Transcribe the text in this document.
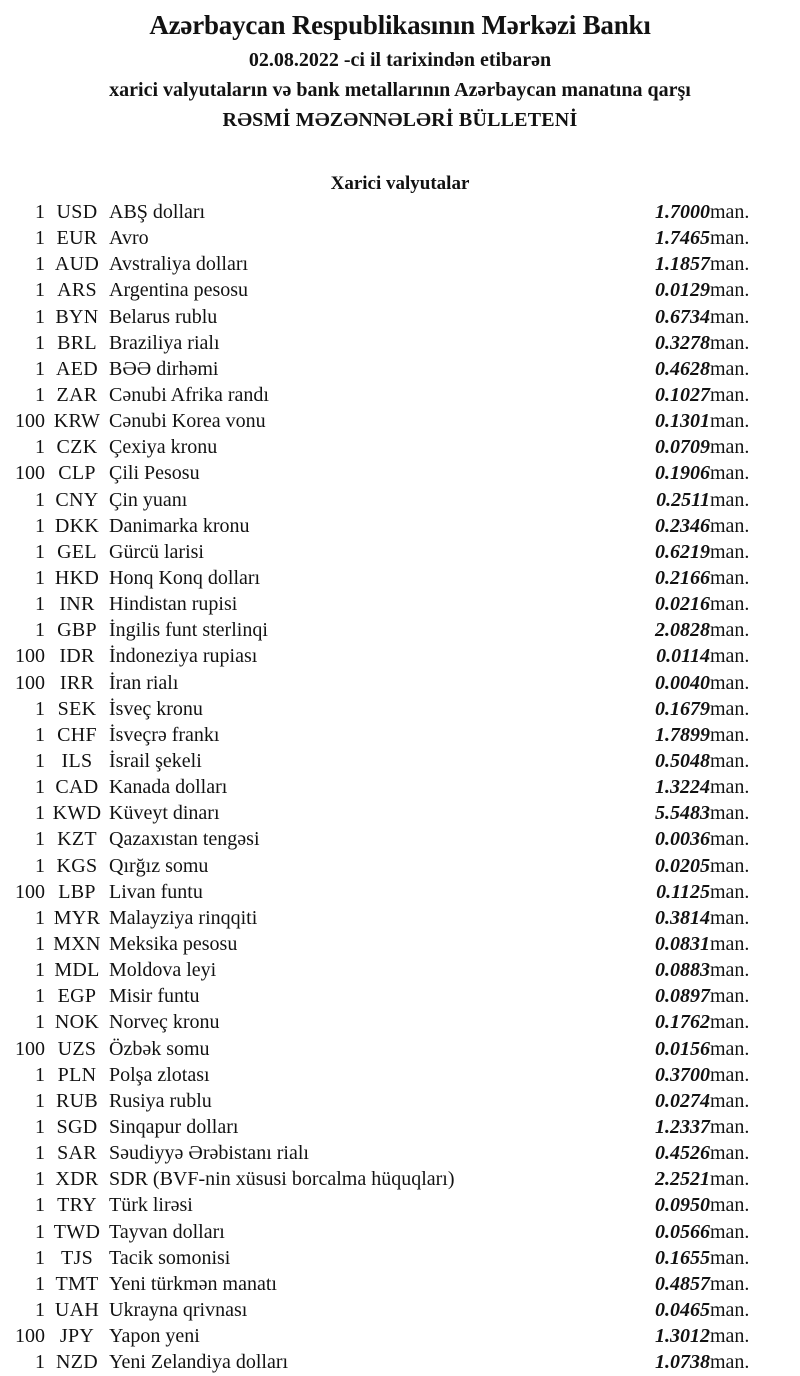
Azərbaycan Respublikasının Mərkəzi Bankı
02.08.2022 -ci il tarixindən etibarən
xarici valyutaların və bank metallarının Azərbaycan manatına qarşı
RƏSMİ MƏZƏNNƏLƏRİ BÜLLETENİ
Xarici valyutalar
1	USD	ABŞ dolları	1.7000	man.
1	EUR	Avro	1.7465	man.
1	AUD	Avstraliya dolları	1.1857	man.
1	ARS	Argentina pesosu	0.0129	man.
1	BYN	Belarus rublu	0.6734	man.
1	BRL	Braziliya rialı	0.3278	man.
1	AED	BƏƏ dirhəmi	0.4628	man.
1	ZAR	Cənubi Afrika randı	0.1027	man.
100	KRW	Cənubi Korea vonu	0.1301	man.
1	CZK	Çexiya kronu	0.0709	man.
100	CLP	Çili Pesosu	0.1906	man.
1	CNY	Çin yuanı	0.2511	man.
1	DKK	Danimarka kronu	0.2346	man.
1	GEL	Gürcü larisi	0.6219	man.
1	HKD	Honq Konq dolları	0.2166	man.
1	INR	Hindistan rupisi	0.0216	man.
1	GBP	İngilis funt sterlinqi	2.0828	man.
100	IDR	İndoneziya rupiası	0.0114	man.
100	IRR	İran rialı	0.0040	man.
1	SEK	İsveç kronu	0.1679	man.
1	CHF	İsveçrə frankı	1.7899	man.
1	ILS	İsrail şekeli	0.5048	man.
1	CAD	Kanada dolları	1.3224	man.
1	KWD	Küveyt dinarı	5.5483	man.
1	KZT	Qazaxıstan tengəsi	0.0036	man.
1	KGS	Qırğız somu	0.0205	man.
100	LBP	Livan funtu	0.1125	man.
1	MYR	Malayziya rinqqiti	0.3814	man.
1	MXN	Meksika pesosu	0.0831	man.
1	MDL	Moldova leyi	0.0883	man.
1	EGP	Misir funtu	0.0897	man.
1	NOK	Norveç kronu	0.1762	man.
100	UZS	Özbək somu	0.0156	man.
1	PLN	Polşa zlotası	0.3700	man.
1	RUB	Rusiya rublu	0.0274	man.
1	SGD	Sinqapur dolları	1.2337	man.
1	SAR	Səudiyyə Ərəbistanı rialı	0.4526	man.
1	XDR	SDR (BVF-nin xüsusi borcalma hüquqları)	2.2521	man.
1	TRY	Türk lirəsi	0.0950	man.
1	TWD	Tayvan dolları	0.0566	man.
1	TJS	Tacik somonisi	0.1655	man.
1	TMT	Yeni türkmən manatı	0.4857	man.
1	UAH	Ukrayna qrivnası	0.0465	man.
100	JPY	Yapon yeni	1.3012	man.
1	NZD	Yeni Zelandiya dolları	1.0738	man.
